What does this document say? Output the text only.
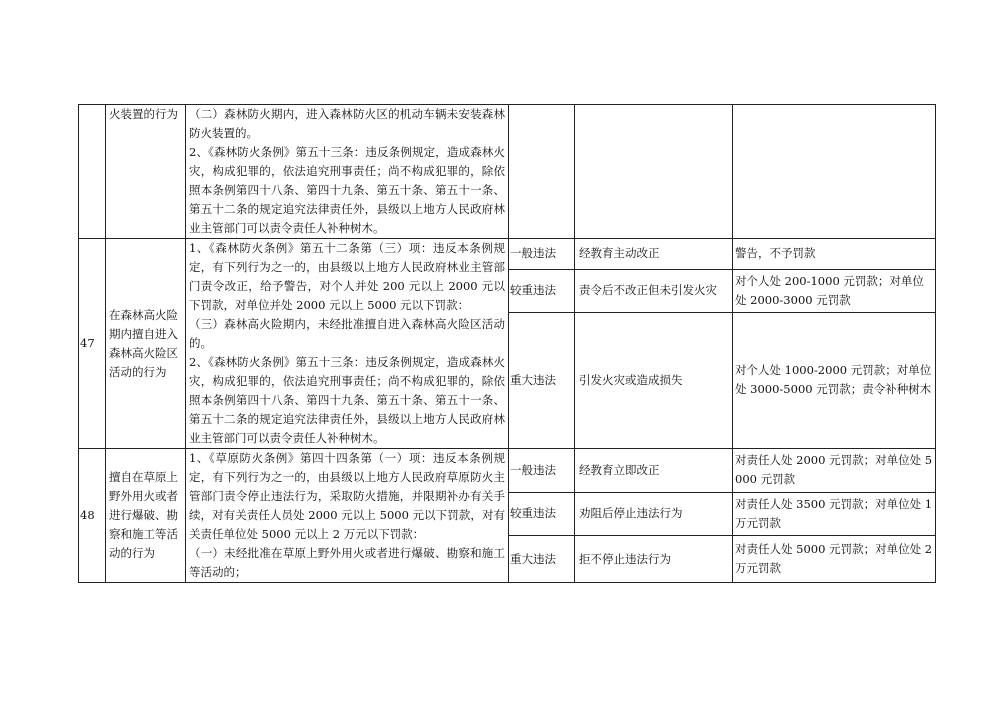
	火装置的行为	（二）森林防火期内，进入森林防火区的机动车辆未安装森林防火装置的。
2、《森林防火条例》第五十三条：违反条例规定，造成森林火灾，构成犯罪的，依法追究刑事责任；尚不构成犯罪的，除依照本条例第四十八条、第四十九条、第五十条、第五十一条、第五十二条的规定追究法律责任外，县级以上地方人民政府林业主管部门可以责令责任人补种树木。			

47	在森林高火险期内擅自进入森林高火险区活动的行为	1、《森林防火条例》第五十二条第（三）项：违反本条例规定，有下列行为之一的，由县级以上地方人民政府林业主管部门责令改正，给予警告，对个人并处 200 元以上 2000 元以下罚款，对单位并处 2000 元以上 5000 元以下罚款：
（三）森林高火险期内，未经批准擅自进入森林高火险区活动的。
2、《森林防火条例》第五十三条：违反条例规定，造成森林火灾，构成犯罪的，依法追究刑事责任；尚不构成犯罪的，除依照本条例第四十八条、第四十九条、第五十条、第五十一条、第五十二条的规定追究法律责任外，县级以上地方人民政府林业主管部门可以责令责任人补种树木。	一般违法	经教育主动改正	警告，不予罚款
			较重违法	责令后不改正但未引发火灾	对个人处 200-1000 元罚款；对单位处 2000-3000 元罚款
			重大违法	引发火灾或造成损失	对个人处 1000-2000 元罚款；对单位处 3000-5000 元罚款；责令补种树木
48	擅自在草原上野外用火或者进行爆破、勘察和施工等活动的行为	1、《草原防火条例》第四十四条第（一）项：违反本条例规定，有下列行为之一的，由县级以上地方人民政府草原防火主管部门责令停止违法行为，采取防火措施，并限期补办有关手续，对有关责任人员处 2000 元以上 5000 元以下罚款，对有关责任单位处 5000 元以上 2 万元以下罚款：
（一）未经批准在草原上野外用火或者进行爆破、勘察和施工等活动的；	一般违法	经教育立即改正	对责任人处 2000 元罚款；对单位处 5000 元罚款
			较重违法	劝阻后停止违法行为	对责任人处 3500 元罚款；对单位处 1 万元罚款
			重大违法	拒不停止违法行为	对责任人处 5000 元罚款；对单位处 2 万元罚款
